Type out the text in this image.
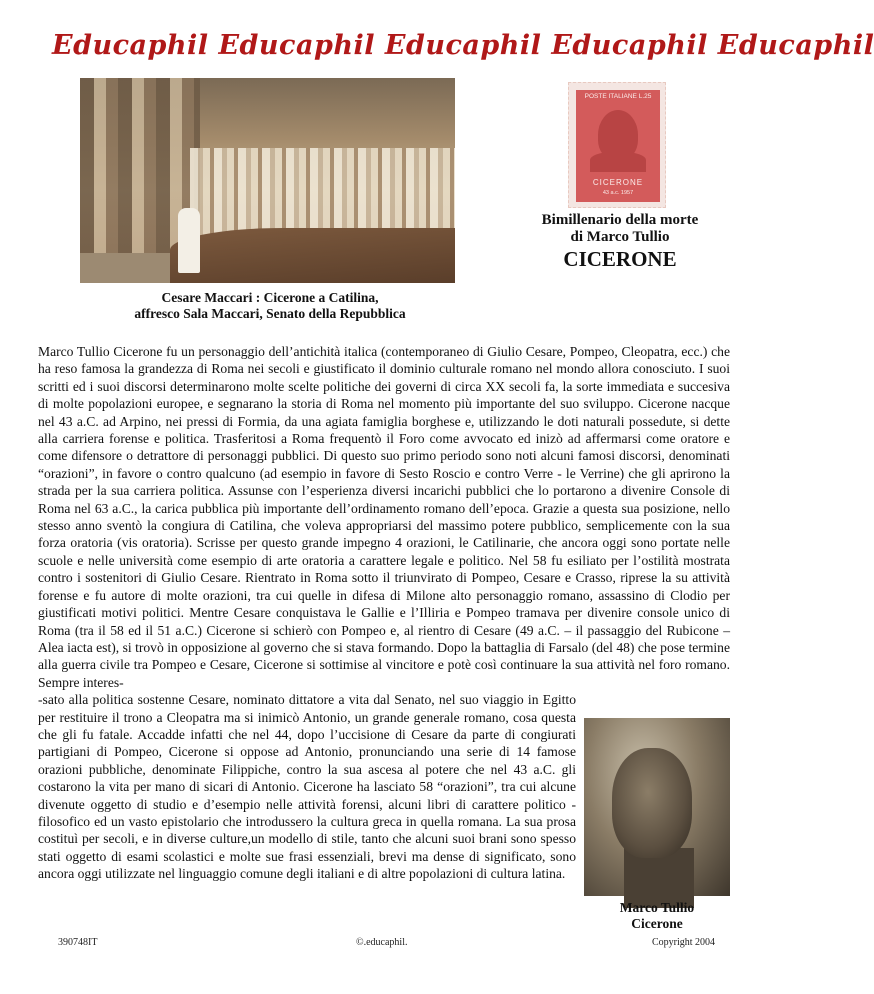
Educaphil Educaphil Educaphil Educaphil Educaphil
POSTE ITALIANE L.25
CICERONE
43 a.c. 1957
Bimillenario della morte
di Marco Tullio
CICERONE
Cesare Maccari : Cicerone a Catilina,
affresco Sala Maccari, Senato della Repubblica

Marco Tullio Cicerone fu un personaggio dell’antichità italica (contemporaneo di Giulio Cesare, Pompeo, Cleopatra, ecc.) che ha reso famosa la grandezza di Roma nei secoli e giustificato il dominio culturale romano nel mondo allora conosciuto. I suoi scritti ed i suoi discorsi determinarono molte scelte politiche dei governi di circa XX secoli fa, la sorte immediata e succesiva di molte popolazioni europee, e segnarano la storia di Roma nel momento più importante del suo sviluppo. Cicerone nacque nel 43 a.C. ad Arpino, nei pressi di Formia, da una agiata famiglia borghese e, utilizzando le doti naturali possedute, si dette alla carriera forense e politica. Trasferitosi a Roma frequentò il Foro come avvocato ed inizò ad affermarsi come oratore e come difensore o detrattore di personaggi pubblici. Di questo suo primo periodo sono noti alcuni famosi discorsi, denominati “orazioni”, in favore o contro qualcuno (ad esempio in favore di Sesto Roscio e contro Verre - le Verrine) che gli aprirono la strada per la sua carriera politica. Assunse con l’esperienza diversi incarichi pubblici che lo portarono a divenire Console di Roma nel 63 a.C., la carica pubblica più importante dell’ordinamento romano dell’epoca. Grazie a questa sua posizione, nello stesso anno sventò la congiura di Catilina, che voleva appropriarsi del massimo potere pubblico, semplicemente con la sua forza oratoria (vis oratoria). Scrisse per questo grande impegno 4 orazioni, le Catilinarie, che ancora oggi sono portate nelle scuole e nelle università come esempio di arte oratoria a carattere legale e politico. Nel 58 fu esiliato per l’ostilità mostrata contro i sostenitori di Giulio Cesare. Rientrato in Roma sotto il triunvirato di Pompeo, Cesare e Crasso, riprese la su attività forense e fu autore di molte orazioni, tra cui quelle in difesa di Milone alto personaggio romano, assassino di Clodio per giustificati motivi politici. Mentre Cesare conquistava le Gallie e l’Illiria e Pompeo tramava per divenire console unico di Roma (tra il 58 ed il 51 a.C.) Cicerone si schierò con Pompeo e, al rientro di Cesare (49 a.C. – il passaggio del Rubicone – Alea iacta est), si trovò in opposizione al governo che si stava formando. Dopo la battaglia di Farsalo (del 48) che pose termine alla guerra civile tra Pompeo e Cesare, Cicerone si sottimise al vincitore e potè così continuare la sua attività nel foro romano. Sempre interes-

-sato alla politica sostenne Cesare, nominato dittatore a vita dal Senato, nel suo viaggio in Egitto per restituire il trono a Cleopatra ma si inimicò Antonio, un grande generale romano, cosa questa che gli fu fatale. Accadde infatti che nel 44, dopo l’uccisione di Cesare da parte di congiurati partigiani di Pompeo, Cicerone si oppose ad Antonio, pronunciando una serie di 14 famose orazioni pubbliche, denominate Filippiche, contro la sua ascesa al potere che nel 43 a.C. gli costarono la vita per mano di sicari di Antonio. Cicerone ha lasciato 58 “orazioni”, tra cui alcune divenute oggetto di studio e d’esempio nelle attività forensi, alcuni libri di carattere politico - filosofico ed un vasto epistolario che introdussero la cultura greca in quella romana. La sua prosa costituì per secoli, e in diverse culture,un modello di stile, tanto che alcuni suoi brani sono spesso stati oggetto di esami scolastici e molte sue frasi essenziali, brevi ma dense di significato, sono ancora oggi utilizzate nel linguaggio comune degli italiani e di altre popolazioni di cultura latina.

Marco Tullio
Cicerone
390748IT	©.educaphil.	Copyright 2004
